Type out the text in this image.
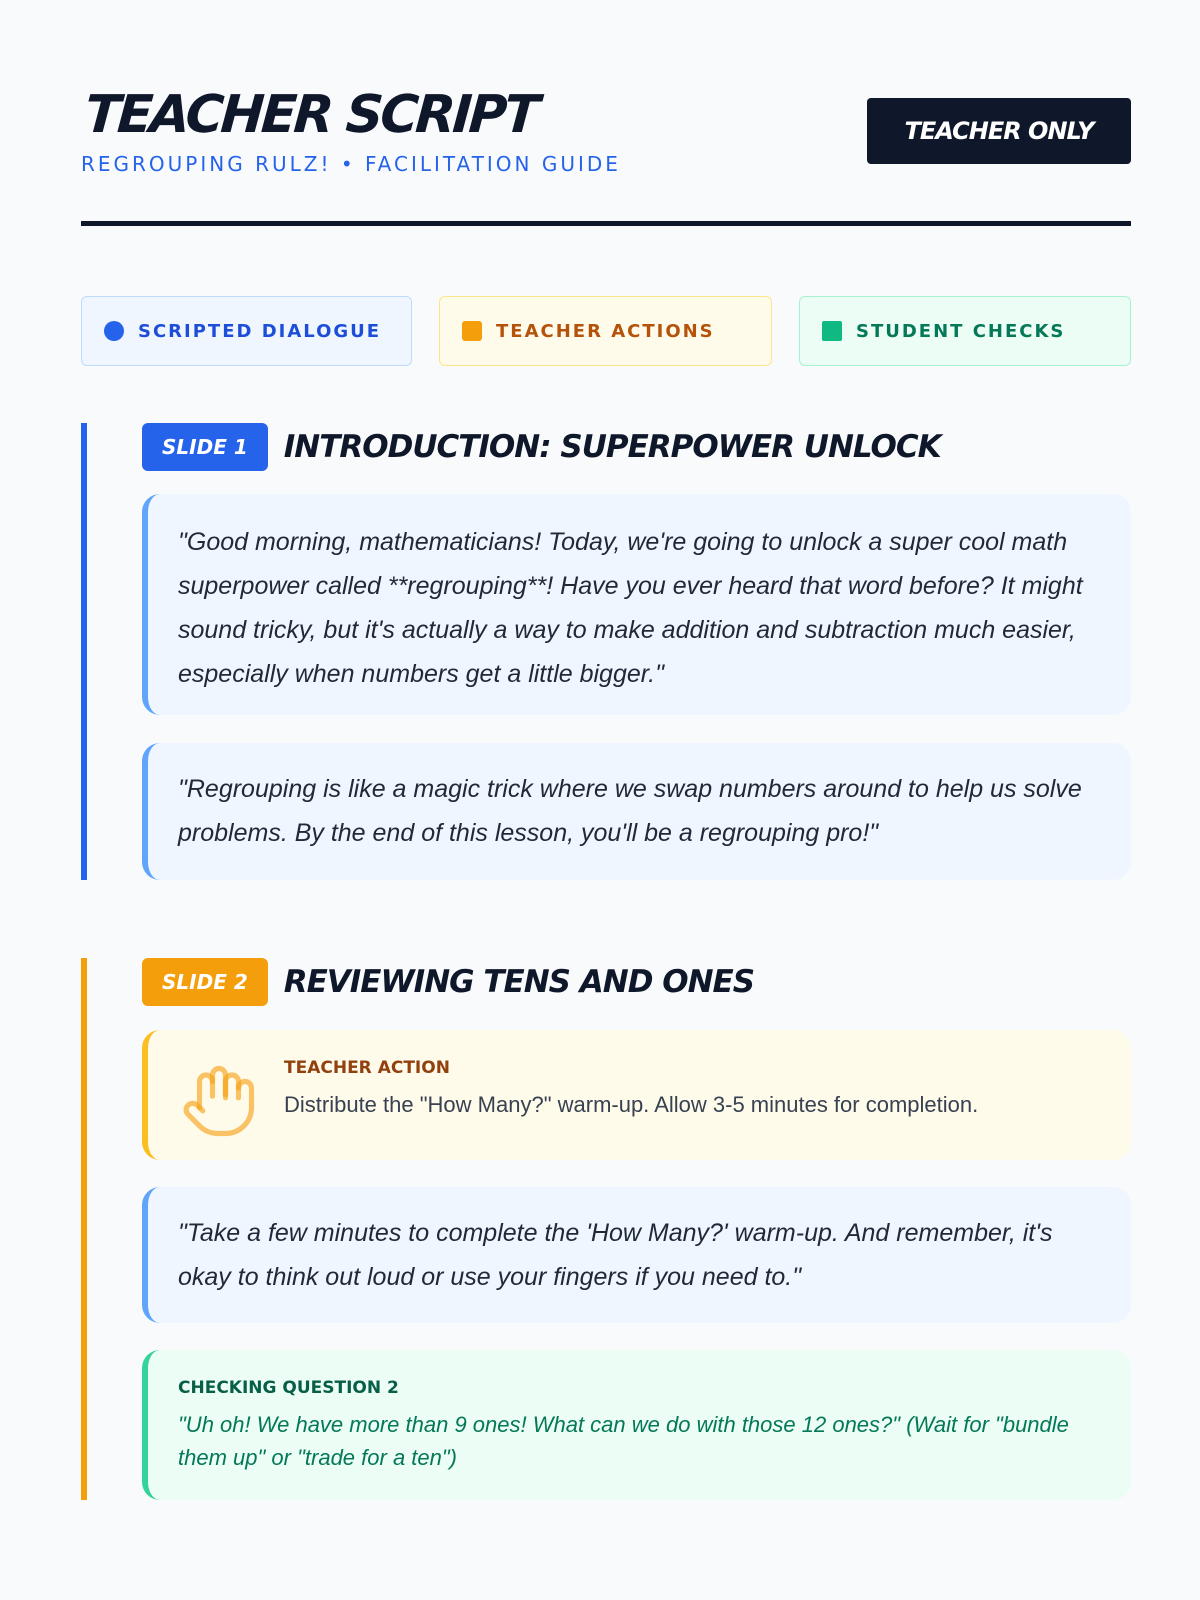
TEACHER SCRIPT
REGROUPING RULZ! • FACILITATION GUIDE
TEACHER ONLY
SCRIPTED DIALOGUE	TEACHER ACTIONS	STUDENT CHECKS
SLIDE 1	INTRODUCTION: SUPERPOWER UNLOCK
"Good morning, mathematicians! Today, we're going to unlock a super cool math superpower called **regrouping**! Have you ever heard that word before? It might sound tricky, but it's actually a way to make addition and subtraction much easier, especially when numbers get a little bigger."
"Regrouping is like a magic trick where we swap numbers around to help us solve problems. By the end of this lesson, you'll be a regrouping pro!"
SLIDE 2	REVIEWING TENS AND ONES
TEACHER ACTION
Distribute the "How Many?" warm-up. Allow 3-5 minutes for completion.
"Take a few minutes to complete the 'How Many?' warm-up. And remember, it's okay to think out loud or use your fingers if you need to."
CHECKING QUESTION 2
"Uh oh! We have more than 9 ones! What can we do with those 12 ones?" (Wait for "bundle them up" or "trade for a ten")
